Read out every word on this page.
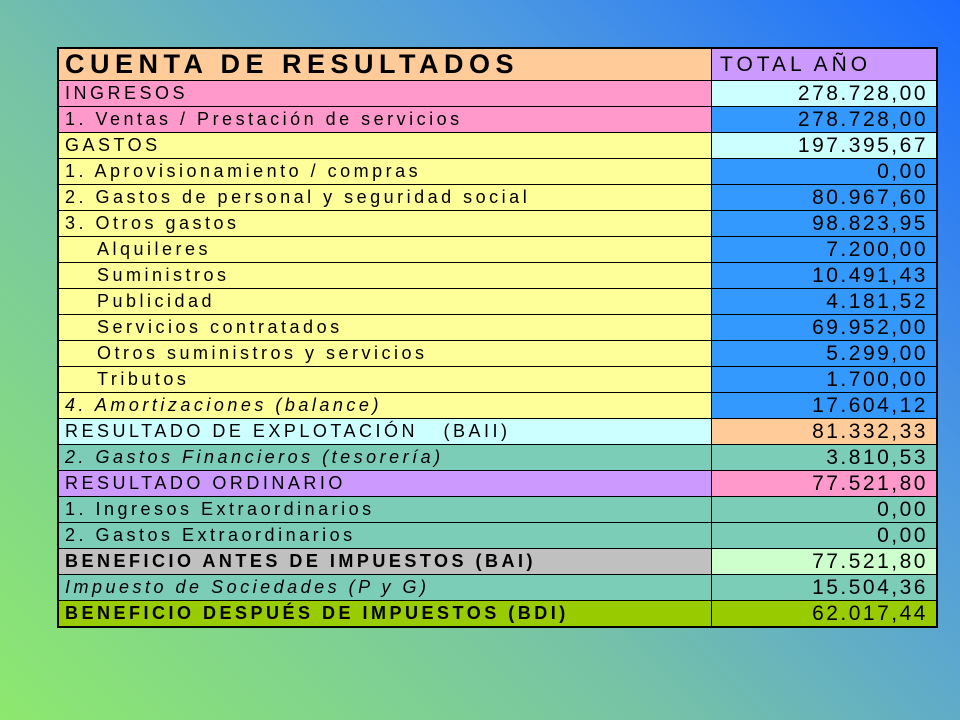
CUENTA DE RESULTADOS	TOTAL AÑO
INGRESOS	278.728,00
1. Ventas / Prestación de servicios	278.728,00
GASTOS	197.395,67
1. Aprovisionamiento / compras	0,00
2. Gastos de personal y seguridad social	80.967,60
3. Otros gastos	98.823,95
Alquileres	7.200,00
Suministros	10.491,43
Publicidad	4.181,52
Servicios contratados	69.952,00
Otros suministros y servicios	5.299,00
Tributos	1.700,00
4. Amortizaciones (balance)	17.604,12
RESULTADO DE EXPLOTACIÓN   (BAII)	81.332,33
2. Gastos Financieros (tesorería)	3.810,53
RESULTADO ORDINARIO	77.521,80
1. Ingresos Extraordinarios	0,00
2. Gastos Extraordinarios	0,00
BENEFICIO ANTES DE IMPUESTOS (BAI)	77.521,80
Impuesto de Sociedades (P y G)	15.504,36
BENEFICIO DESPUÉS DE IMPUESTOS (BDI)	62.017,44
